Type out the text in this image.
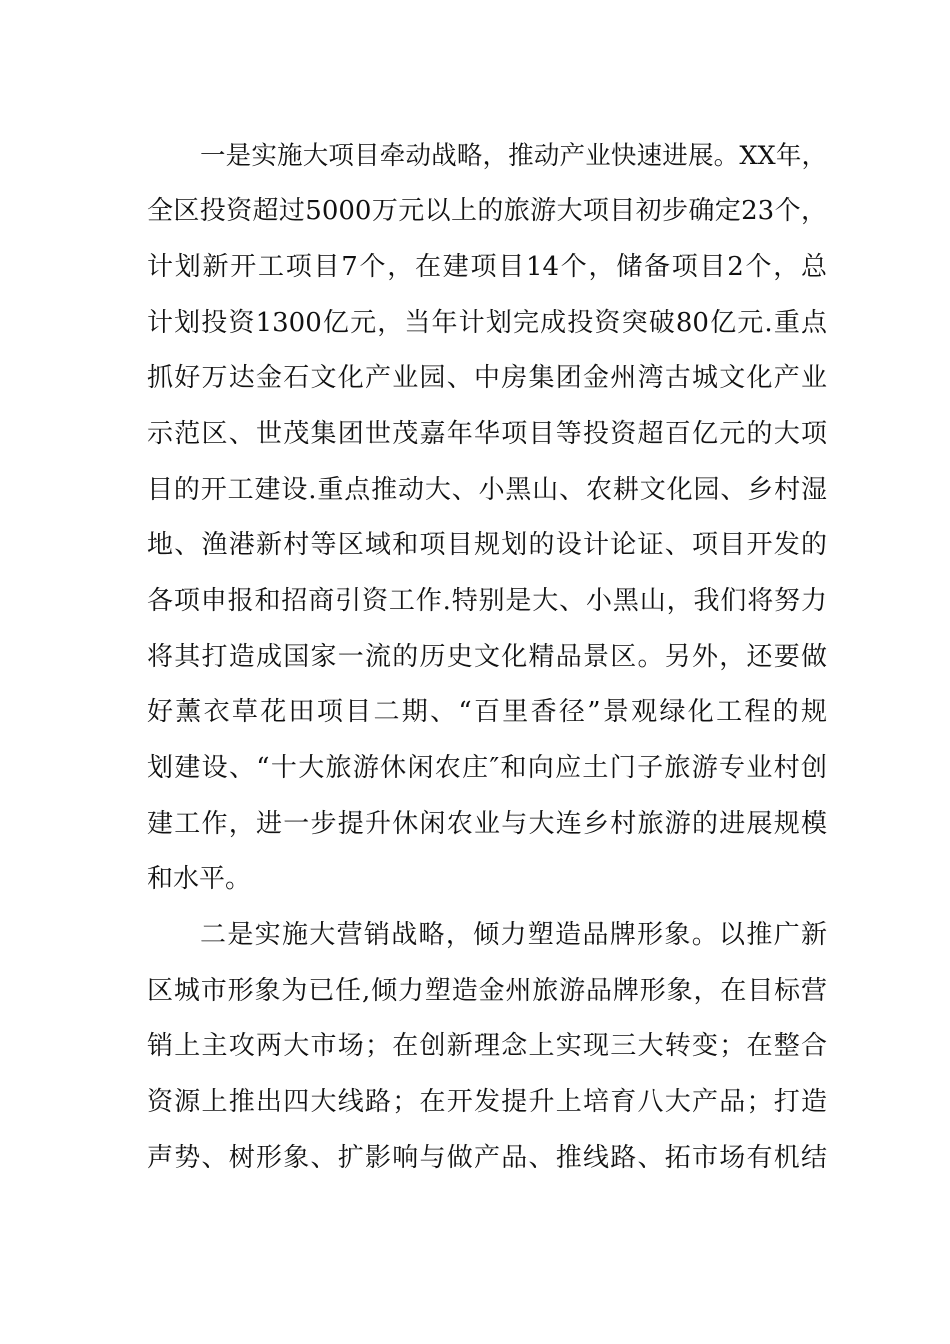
一是实施大项目牵动战略，推动产业快速进展。XX年，
全区投资超过5000万元以上的旅游大项目初步确定23个，
计划新开工项目7个，在建项目14个，储备项目2个，总
计划投资1300亿元，当年计划完成投资突破80亿元.重点
抓好万达金石文化产业园、中房集团金州湾古城文化产业
示范区、世茂集团世茂嘉年华项目等投资超百亿元的大项
目的开工建设.重点推动大、小黑山、农耕文化园、乡村湿
地、渔港新村等区域和项目规划的设计论证、项目开发的
各项申报和招商引资工作.特别是大、小黑山，我们将努力
将其打造成国家一流的历史文化精品景区。另外，还要做
好薰衣草花田项目二期、“百里香径”景观绿化工程的规
划建设、“十大旅游休闲农庄″和向应土门子旅游专业村创
建工作，进一步提升休闲农业与大连乡村旅游的进展规模
和水平。
二是实施大营销战略，倾力塑造品牌形象。以推广新
区城市形象为已任,倾力塑造金州旅游品牌形象，在目标营
销上主攻两大市场；在创新理念上实现三大转变；在整合
资源上推出四大线路；在开发提升上培育八大产品；打造
声势、树形象、扩影响与做产品、推线路、拓市场有机结
